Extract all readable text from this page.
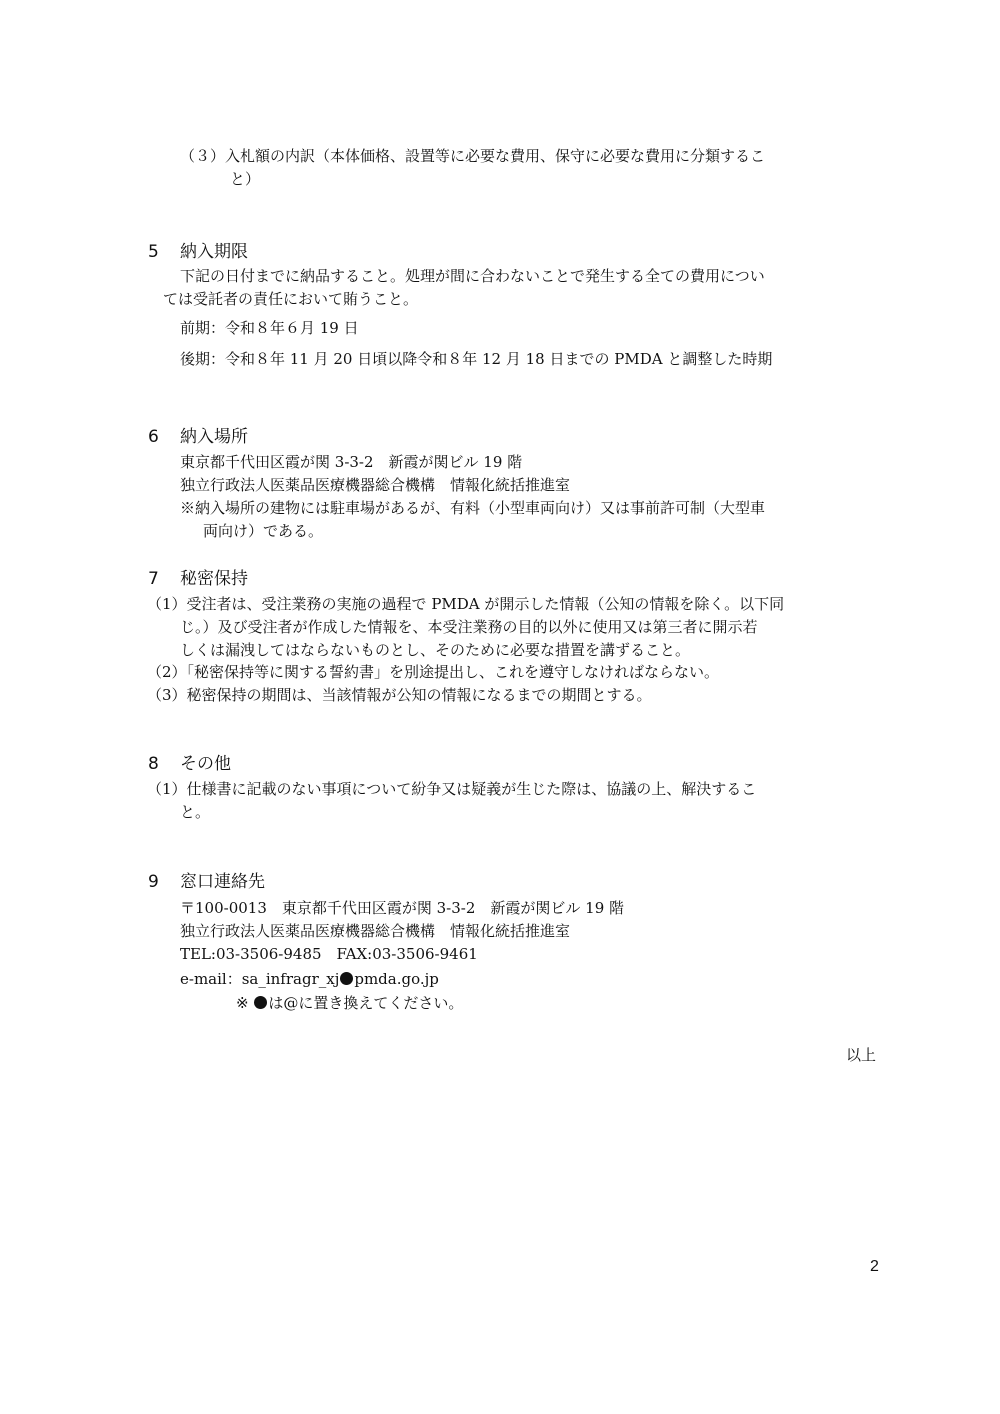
（３）入札額の内訳（本体価格、設置等に必要な費用、保守に必要な費用に分類するこ
と）
5 納入期限
下記の日付までに納品すること。処理が間に合わないことで発生する全ての費用につい
ては受託者の責任において賄うこと。
前期：令和８年６月 19 日
後期：令和８年 11 月 20 日頃以降令和８年 12 月 18 日までの PMDA と調整した時期
6 納入場所
東京都千代田区霞が関 3-3-2　新霞が関ビル 19 階
独立行政法人医薬品医療機器総合機構　情報化統括推進室
※納入場所の建物には駐車場があるが、有料（小型車両向け）又は事前許可制（大型車
両向け）である。
7 秘密保持
（1）受注者は、受注業務の実施の過程で PMDA が開示した情報（公知の情報を除く。以下同
じ。）及び受注者が作成した情報を、本受注業務の目的以外に使用又は第三者に開示若
しくは漏洩してはならないものとし、そのために必要な措置を講ずること。
（2）「秘密保持等に関する誓約書」を別途提出し、これを遵守しなければならない。
（3）秘密保持の期間は、当該情報が公知の情報になるまでの期間とする。
8 その他
（1）仕様書に記載のない事項について紛争又は疑義が生じた際は、協議の上、解決するこ
と。
9 窓口連絡先
〒100-0013　東京都千代田区霞が関 3-3-2　新霞が関ビル 19 階
独立行政法人医薬品医療機器総合機構　情報化統括推進室
TEL:03-3506-9485　FAX:03-3506-9461
e-mail：sa_infragr_xj pmda.go.jp
※ は@に置き換えてください。
以上
2
